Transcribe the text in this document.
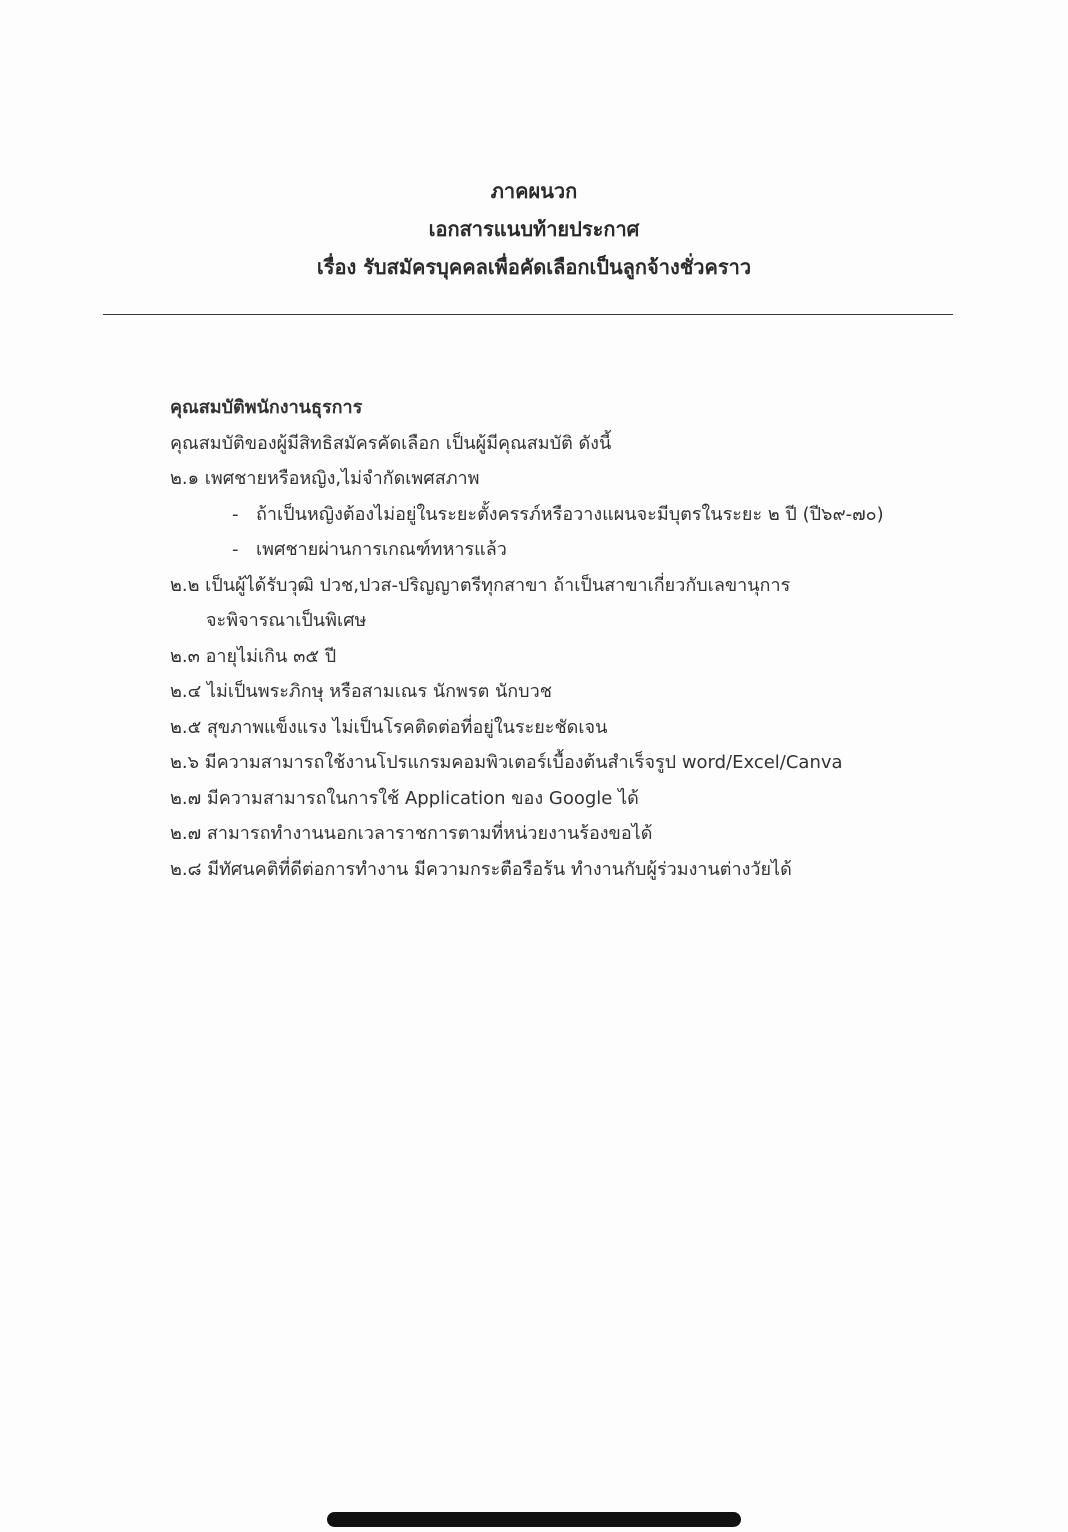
ภาคผนวก
เอกสารแนบท้ายประกาศ
เรื่อง รับสมัครบุคคลเพื่อคัดเลือกเป็นลูกจ้างชั่วคราว
คุณสมบัติพนักงานธุรการ
คุณสมบัติของผู้มีสิทธิสมัครคัดเลือก เป็นผู้มีคุณสมบัติ ดังนี้
๒.๑ เพศชายหรือหญิง,ไม่จำกัดเพศสภาพ
- ถ้าเป็นหญิงต้องไม่อยู่ในระยะตั้งครรภ์หรือวางแผนจะมีบุตรในระยะ ๒ ปี (ปี๖๙-๗๐)
- เพศชายผ่านการเกณฑ์ทหารแล้ว
๒.๒ เป็นผู้ได้รับวุฒิ ปวช,ปวส-ปริญญาตรีทุกสาขา ถ้าเป็นสาขาเกี่ยวกับเลขานุการ
จะพิจารณาเป็นพิเศษ
๒.๓ อายุไม่เกิน ๓๕ ปี
๒.๔ ไม่เป็นพระภิกษุ หรือสามเณร นักพรต นักบวช
๒.๕ สุขภาพแข็งแรง ไม่เป็นโรคติดต่อที่อยู่ในระยะชัดเจน
๒.๖ มีความสามารถใช้งานโปรแกรมคอมพิวเตอร์เบื้องต้นสำเร็จรูป word/Excel/Canva
๒.๗ มีความสามารถในการใช้ Application ของ Google ได้
๒.๗ สามารถทำงานนอกเวลาราชการตามที่หน่วยงานร้องขอได้
๒.๘ มีทัศนคติที่ดีต่อการทำงาน มีความกระตือรือร้น ทำงานกับผู้ร่วมงานต่างวัยได้
